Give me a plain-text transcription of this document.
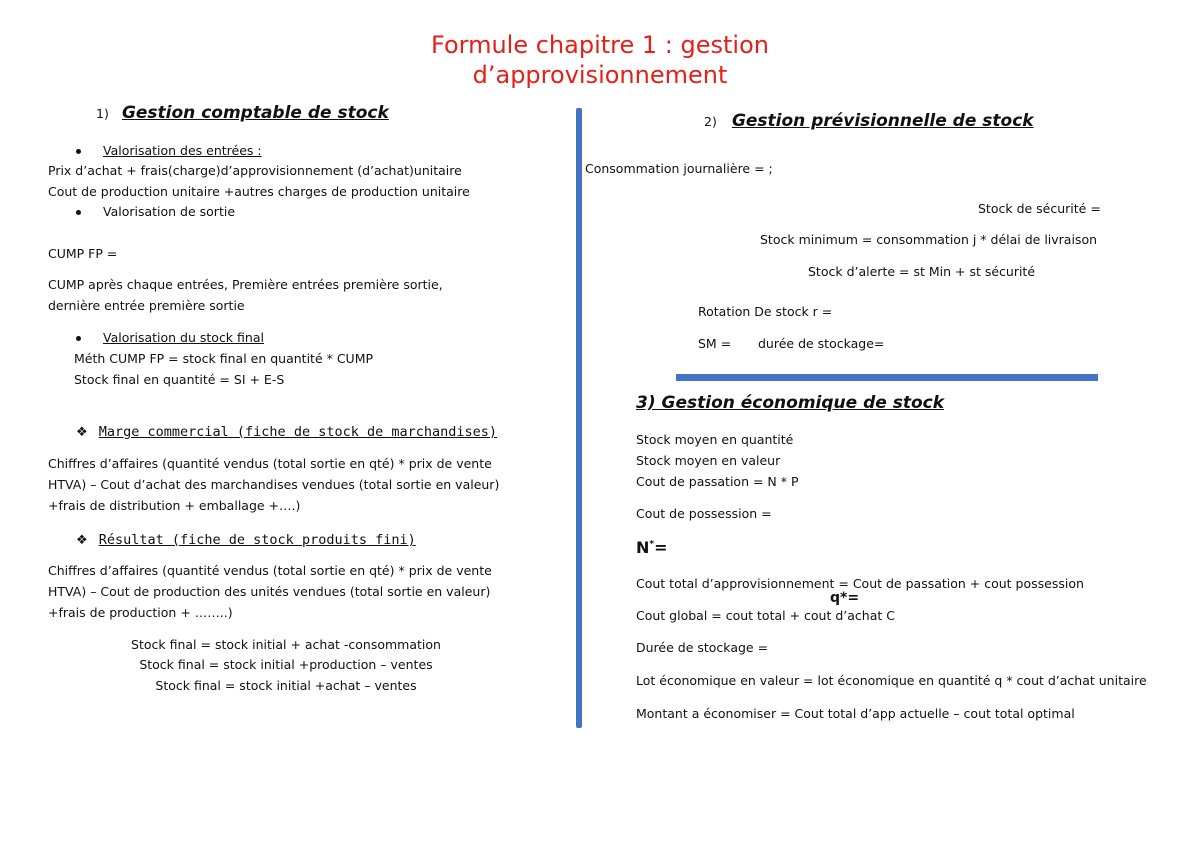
Formule chapitre 1 : gestion
d’approvisionnement
1) Gestion comptable de stock
Valorisation des entrées :
Prix d’achat + frais(charge)d’approvisionnement (d’achat)unitaire
Cout de production unitaire +autres charges de production unitaire
Valorisation de sortie
CUMP FP =
CUMP après chaque entrées, Première entrées première sortie,
dernière entrée première sortie
Valorisation du stock final
Méth CUMP FP = stock final en quantité * CUMP
Stock final en quantité = SI + E-S
❖ Marge commercial (fiche de stock de marchandises)
Chiffres d’affaires (quantité vendus (total sortie en qté) * prix de vente
HTVA) – Cout d’achat des marchandises vendues (total sortie en valeur)
+frais de distribution + emballage +….)
❖ Résultat (fiche de stock produits fini)
Chiffres d’affaires (quantité vendus (total sortie en qté) * prix de vente
HTVA) – Cout de production des unités vendues (total sortie en valeur)
+frais de production + ……..)
Stock final = stock initial + achat -consommation
Stock final = stock initial +production – ventes
Stock final = stock initial +achat – ventes
2) Gestion prévisionnelle de stock
Consommation journalière = ;
Stock de sécurité =
Stock minimum = consommation j * délai de livraison
Stock d’alerte = st Min + st sécurité
Rotation De stock r =
SM = durée de stockage=
3) Gestion économique de stock
Stock moyen en quantité
Stock moyen en valeur
Cout de passation = N * P
Cout de possession =
N*=
Cout total d’approvisionnement = Cout de passation + cout possession
q*=
Cout global = cout total + cout d’achat C
Durée de stockage =
Lot économique en valeur = lot économique en quantité q * cout d’achat unitaire
Montant a économiser = Cout total d’app actuelle – cout total optimal
